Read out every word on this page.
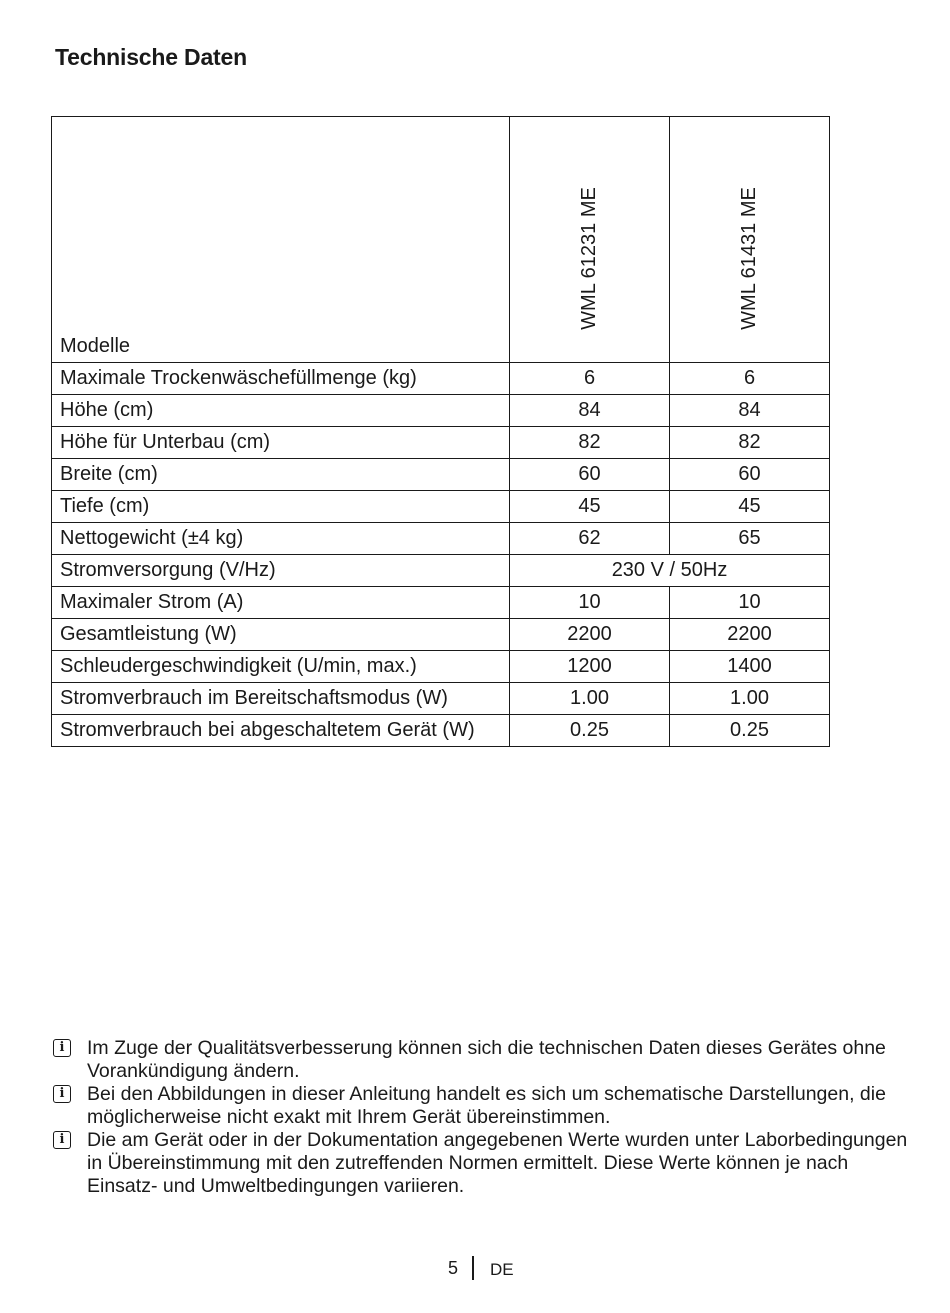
Technische Daten
Modelle	WML 61231 ME	WML 61431 ME

Maximale Trockenwäschefüllmenge (kg)	6	6
Höhe (cm)	84	84
Höhe für Unterbau (cm)	82	82
Breite (cm)	60	60
Tiefe (cm)	45	45
Nettogewicht (±4 kg)	62	65
Stromversorgung (V/Hz)	230 V / 50Hz	
Maximaler Strom (A)	10	10
Gesamtleistung (W)	2200	2200
Schleudergeschwindigkeit (U/min, max.)	1200	1400
Stromverbrauch im Bereitschaftsmodus (W)	1.00	1.00
Stromverbrauch bei abgeschaltetem Gerät (W)	0.25	0.25
i	Im Zuge der Qualitätsverbesserung können sich die technischen Daten dieses Gerätes ohne Vorankündigung ändern.
i	Bei den Abbildungen in dieser Anleitung handelt es sich um schematische Darstellungen, die möglicherweise nicht exakt mit Ihrem Gerät übereinstimmen.
i	Die am Gerät oder in der Dokumentation angegebenen Werte wurden unter Laborbedingungen in Übereinstimmung mit den zutreffenden Normen ermittelt. Diese Werte können je nach Einsatz- und Umweltbedingungen variieren.
5 DE
